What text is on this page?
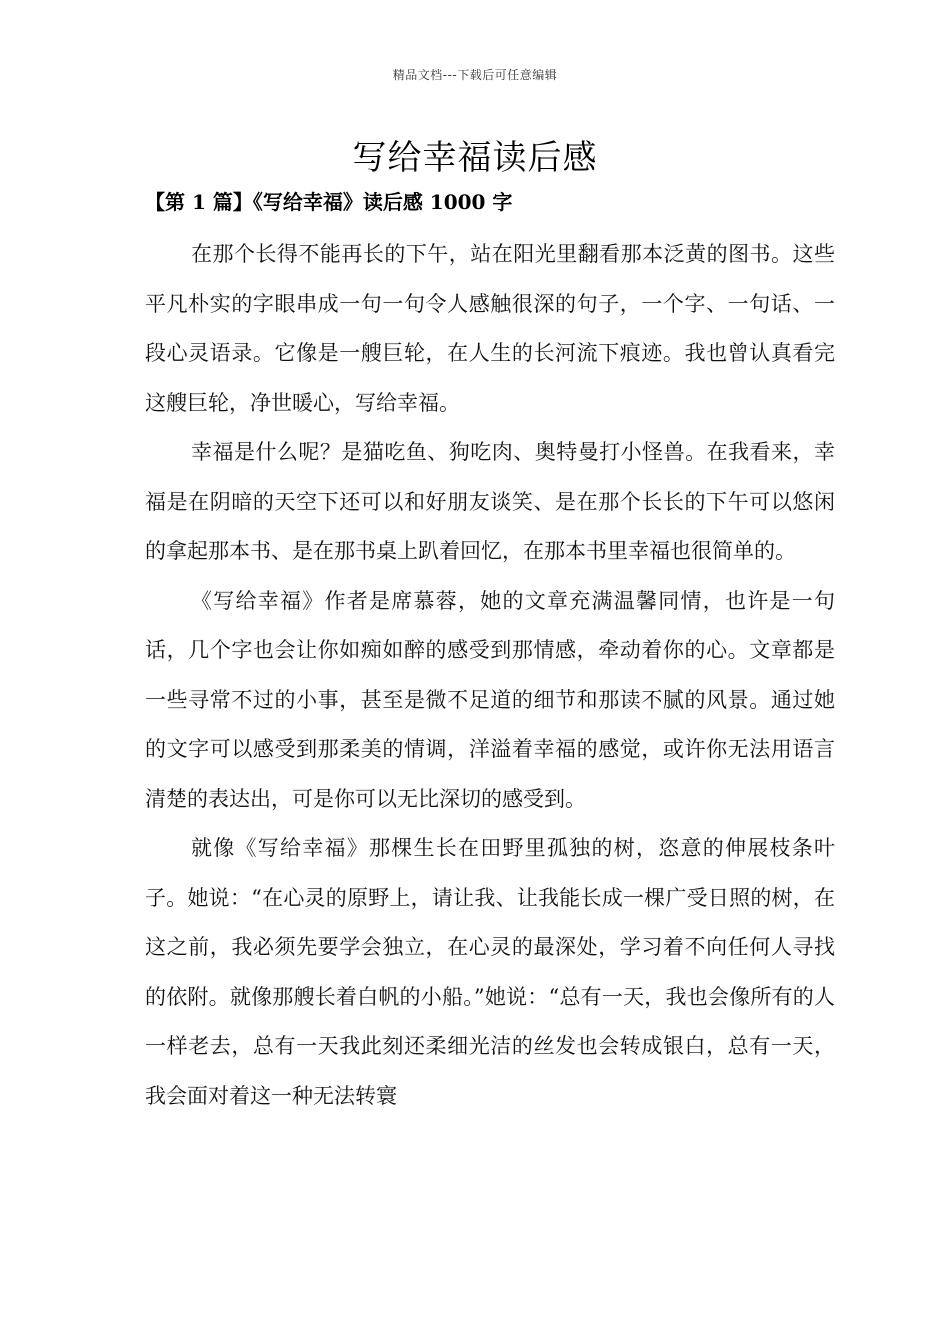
精品文档---下载后可任意编辑
写给幸福读后感
【第 1 篇】《写给幸福》读后感 1000 字

在那个长得不能再长的下午，站在阳光里翻看那本泛黄的图书。这些平凡朴实的字眼串成一句一句令人感触很深的句子，一个字、一句话、一段心灵语录。它像是一艘巨轮，在人生的长河流下痕迹。我也曾认真看完这艘巨轮，净世暖心，写给幸福。

幸福是什么呢？是猫吃鱼、狗吃肉、奥特曼打小怪兽。在我看来，幸福是在阴暗的天空下还可以和好朋友谈笑、是在那个长长的下午可以悠闲的拿起那本书、是在那书桌上趴着回忆，在那本书里幸福也很简单的。

《写给幸福》作者是席慕蓉，她的文章充满温馨同情，也许是一句话，几个字也会让你如痴如醉的感受到那情感，牵动着你的心。文章都是一些寻常不过的小事，甚至是微不足道的细节和那读不腻的风景。通过她的文字可以感受到那柔美的情调，洋溢着幸福的感觉，或许你无法用语言清楚的表达出，可是你可以无比深切的感受到。

就像《写给幸福》那棵生长在田野里孤独的树，恣意的伸展枝条叶子。她说：“在心灵的原野上，请让我、让我能长成一棵广受日照的树，在这之前，我必须先要学会独立，在心灵的最深处，学习着不向任何人寻找的依附。就像那艘长着白帆的小船。”她说：“总有一天，我也会像所有的人一样老去，总有一天我此刻还柔细光洁的丝发也会转成银白，总有一天，我会面对着这一种无法转寰
